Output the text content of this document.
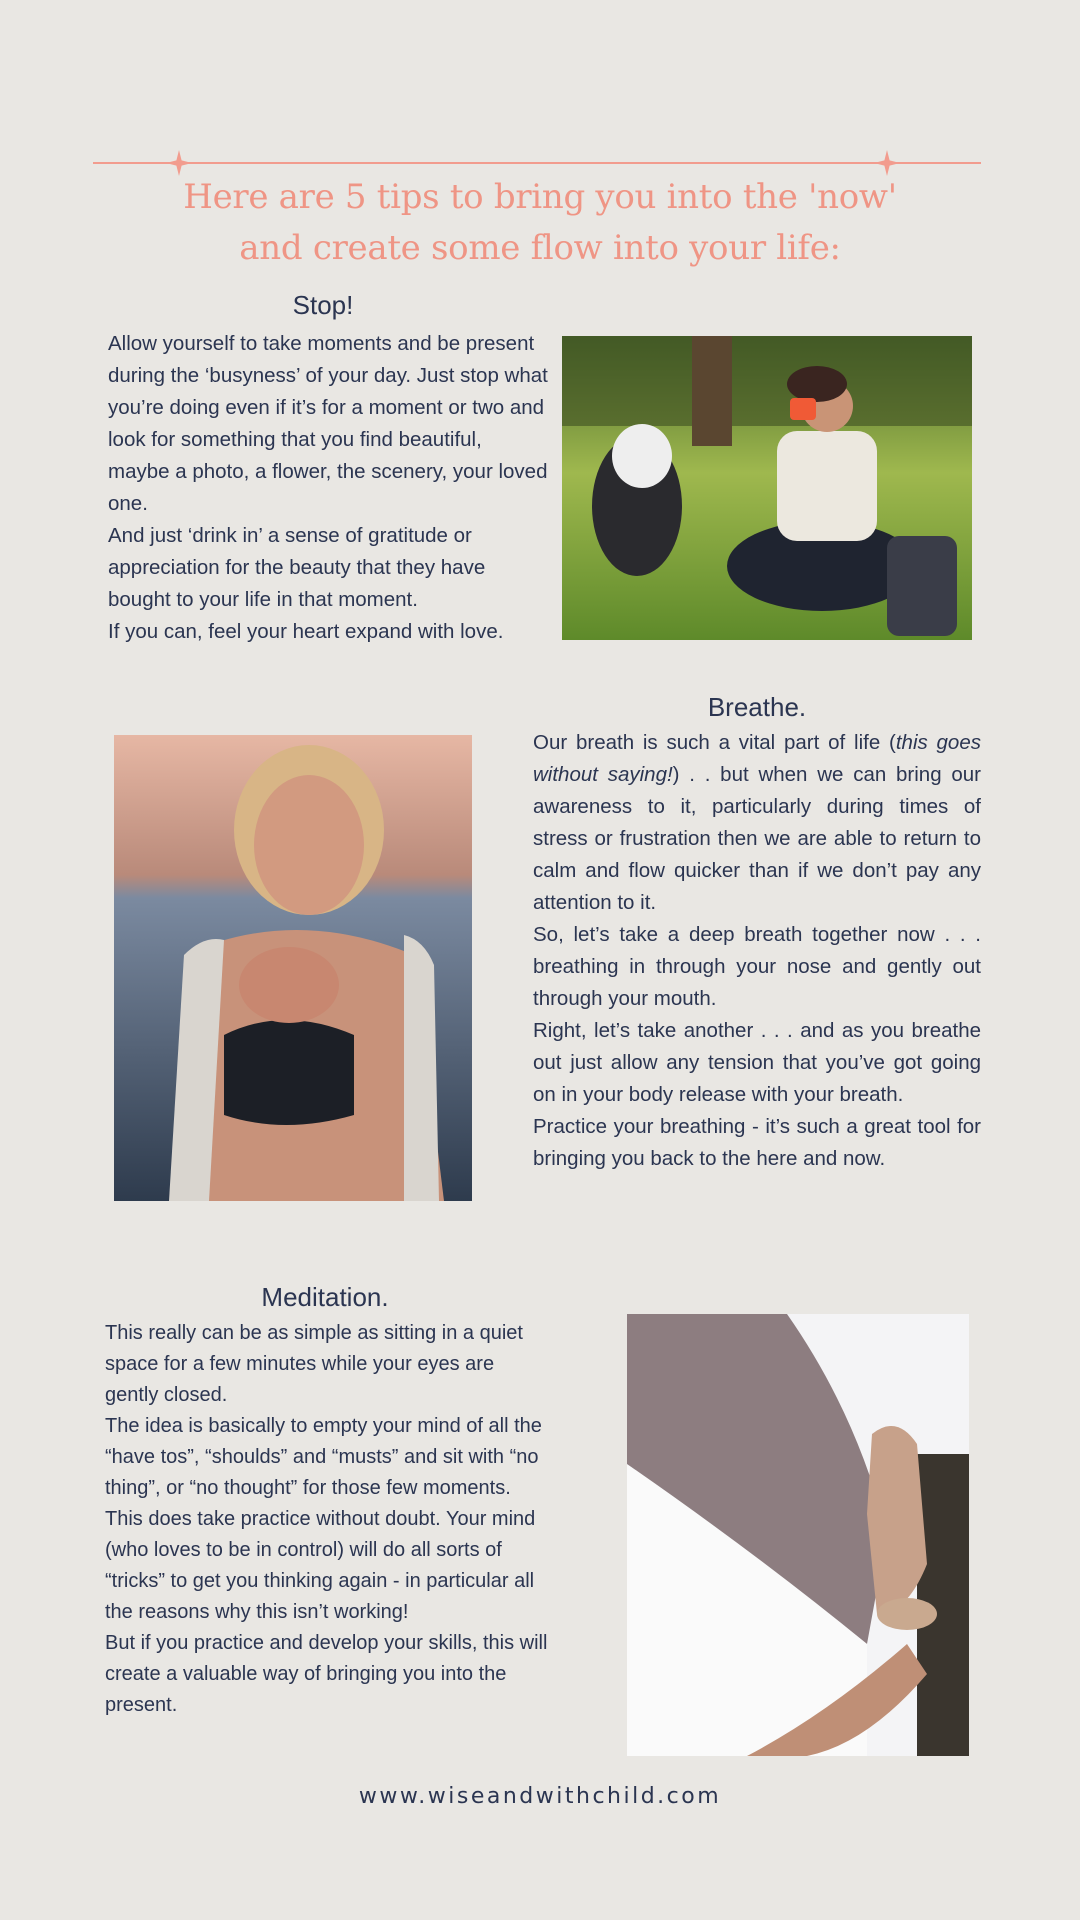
Here are 5 tips to bring you into the 'now'
and create some flow into your life:
Stop!

Allow yourself to take moments and be present during the ‘busyness’ of your day. Just stop what you’re doing even if it’s for a moment or two and look for something that you find beautiful, maybe a photo, a flower, the scenery, your loved one.

And just ‘drink in’ a sense of gratitude or appreciation for the beauty that they have bought to your life in that moment.

If you can, feel your heart expand with love.

Breathe.

Our breath is such a vital part of life (this goes without saying!) . . but when we can bring our awareness to it, particularly during times of stress or frustration then we are able to return to calm and flow quicker than if we don’t pay any attention to it.

So, let’s take a deep breath together now . . . breathing in through your nose and gently out through your mouth.

Right, let’s take another . . . and as you breathe out just allow any tension that you’ve got going on in your body release with your breath.

Practice your breathing - it’s such a great tool for bringing you back to the here and now.

Meditation.

This really can be as simple as sitting in a quiet space for a few minutes while your eyes are gently closed.

The idea is basically to empty your mind of all the “have tos”, “shoulds” and “musts” and sit with “no thing”, or “no thought” for those few moments.

This does take practice without doubt. Your mind (who loves to be in control) will do all sorts of “tricks” to get you thinking again - in particular all the reasons why this isn’t working!

But if you practice and develop your skills, this will create a valuable way of bringing you into the present.

www.wiseandwithchild.com
